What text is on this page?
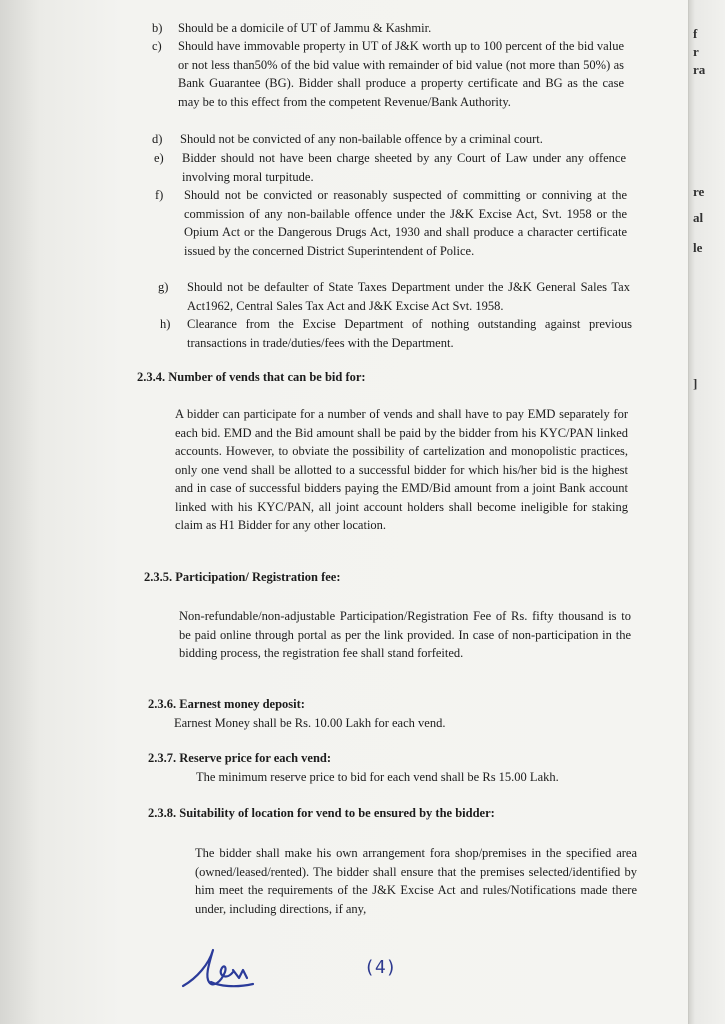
f
r
ra
re
al
le
]
b) Should be a domicile of UT of Jammu & Kashmir.
c) Should have immovable property in UT of J&K worth up to 100 percent of the bid value or not less than50% of the bid value with remainder of bid value (not more than 50%) as Bank Guarantee (BG). Bidder shall produce a property certificate and BG as the case may be to this effect from the competent Revenue/Bank Authority.
d) Should not be convicted of any non-bailable offence by a criminal court.
e) Bidder should not have been charge sheeted by any Court of Law under any offence involving moral turpitude.
f) Should not be convicted or reasonably suspected of committing or conniving at the commission of any non-bailable offence under the J&K Excise Act, Svt. 1958 or the Opium Act or the Dangerous Drugs Act, 1930 and shall produce a character certificate issued by the concerned District Superintendent of Police.
g) Should not be defaulter of State Taxes Department under the J&K General Sales Tax Act1962, Central Sales Tax Act and J&K Excise Act Svt. 1958.
h) Clearance from the Excise Department of nothing outstanding against previous transactions in trade/duties/fees with the Department.
2.3.4. Number of vends that can be bid for:
A bidder can participate for a number of vends and shall have to pay EMD separately for each bid. EMD and the Bid amount shall be paid by the bidder from his KYC/PAN linked accounts. However, to obviate the possibility of cartelization and monopolistic practices, only one vend shall be allotted to a successful bidder for which his/her bid is the highest and in case of successful bidders paying the EMD/Bid amount from a joint Bank account linked with his KYC/PAN, all joint account holders shall become ineligible for staking claim as H1 Bidder for any other location.
2.3.5. Participation/ Registration fee:
Non-refundable/non-adjustable Participation/Registration Fee of Rs. fifty thousand is to be paid online through portal as per the link provided. In case of non-participation in the bidding process, the registration fee shall stand forfeited.
2.3.6. Earnest money deposit:
Earnest Money shall be Rs. 10.00 Lakh for each vend.
2.3.7. Reserve price for each vend:
The minimum reserve price to bid for each vend shall be Rs 15.00 Lakh.
2.3.8. Suitability of location for vend to be ensured by the bidder:
The bidder shall make his own arrangement fora shop/premises in the specified area (owned/leased/rented). The bidder shall ensure that the premises selected/identified by him meet the requirements of the J&K Excise Act and rules/Notifications made there under, including directions, if any,
(4)
